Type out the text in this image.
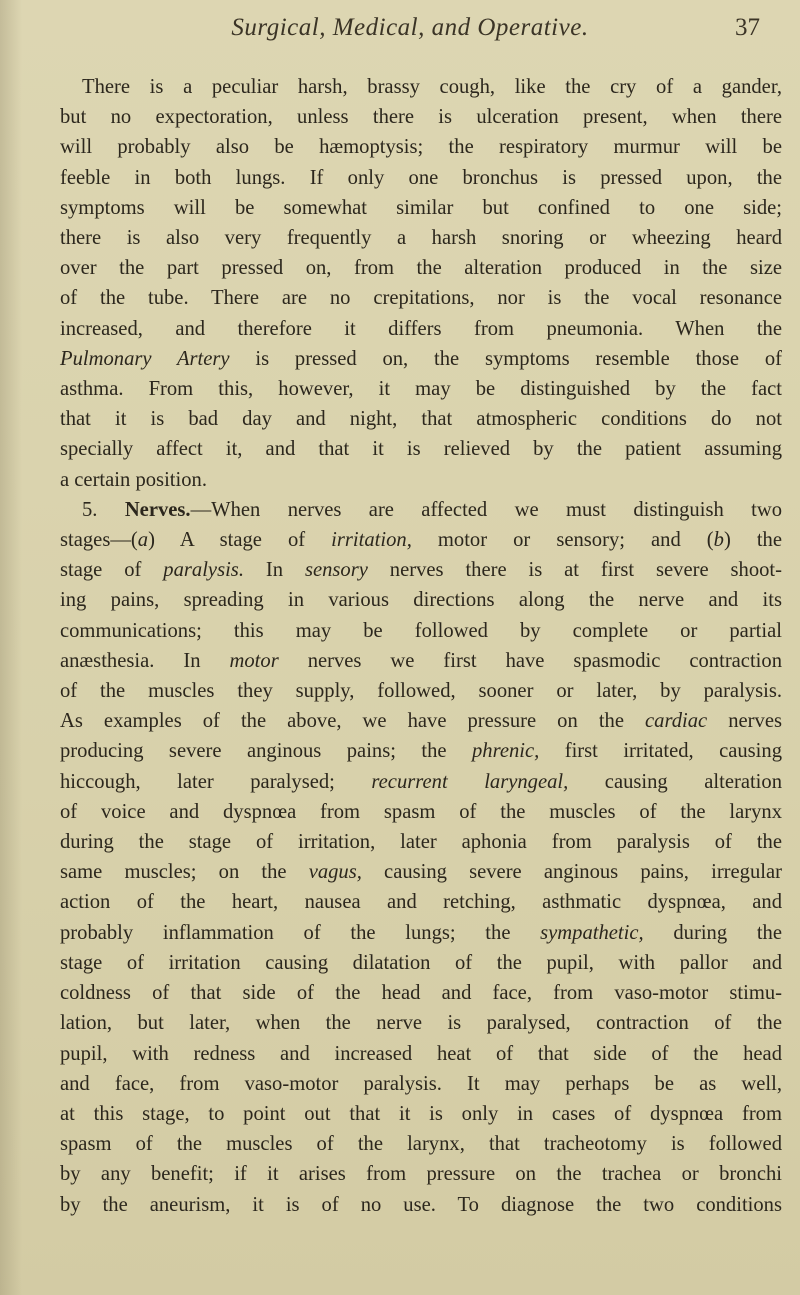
Surgical, Medical, and Operative.	37
There is a peculiar harsh, brassy cough, like the cry of a gander,
but no expectoration, unless there is ulceration present, when there
will probably also be hæmoptysis; the respiratory murmur will be
feeble in both lungs. If only one bronchus is pressed upon, the
symptoms will be somewhat similar but confined to one side;
there is also very frequently a harsh snoring or wheezing heard
over the part pressed on, from the alteration produced in the size
of the tube. There are no crepitations, nor is the vocal resonance
increased, and therefore it differs from pneumonia. When the
Pulmonary Artery is pressed on, the symptoms resemble those of
asthma. From this, however, it may be distinguished by the fact
that it is bad day and night, that atmospheric conditions do not
specially affect it, and that it is relieved by the patient assuming
a certain position.
5. Nerves.—When nerves are affected we must distinguish two
stages—(a) A stage of irritation, motor or sensory; and (b) the
stage of paralysis. In sensory nerves there is at first severe shoot-
ing pains, spreading in various directions along the nerve and its
communications; this may be followed by complete or partial
anæsthesia. In motor nerves we first have spasmodic contraction
of the muscles they supply, followed, sooner or later, by paralysis.
As examples of the above, we have pressure on the cardiac nerves
producing severe anginous pains; the phrenic, first irritated, causing
hiccough, later paralysed; recurrent laryngeal, causing alteration
of voice and dyspnœa from spasm of the muscles of the larynx
during the stage of irritation, later aphonia from paralysis of the
same muscles; on the vagus, causing severe anginous pains, irregular
action of the heart, nausea and retching, asthmatic dyspnœa, and
probably inflammation of the lungs; the sympathetic, during the
stage of irritation causing dilatation of the pupil, with pallor and
coldness of that side of the head and face, from vaso-motor stimu-
lation, but later, when the nerve is paralysed, contraction of the
pupil, with redness and increased heat of that side of the head
and face, from vaso-motor paralysis. It may perhaps be as well,
at this stage, to point out that it is only in cases of dyspnœa from
spasm of the muscles of the larynx, that tracheotomy is followed
by any benefit; if it arises from pressure on the trachea or bronchi
by the aneurism, it is of no use. To diagnose the two conditions
